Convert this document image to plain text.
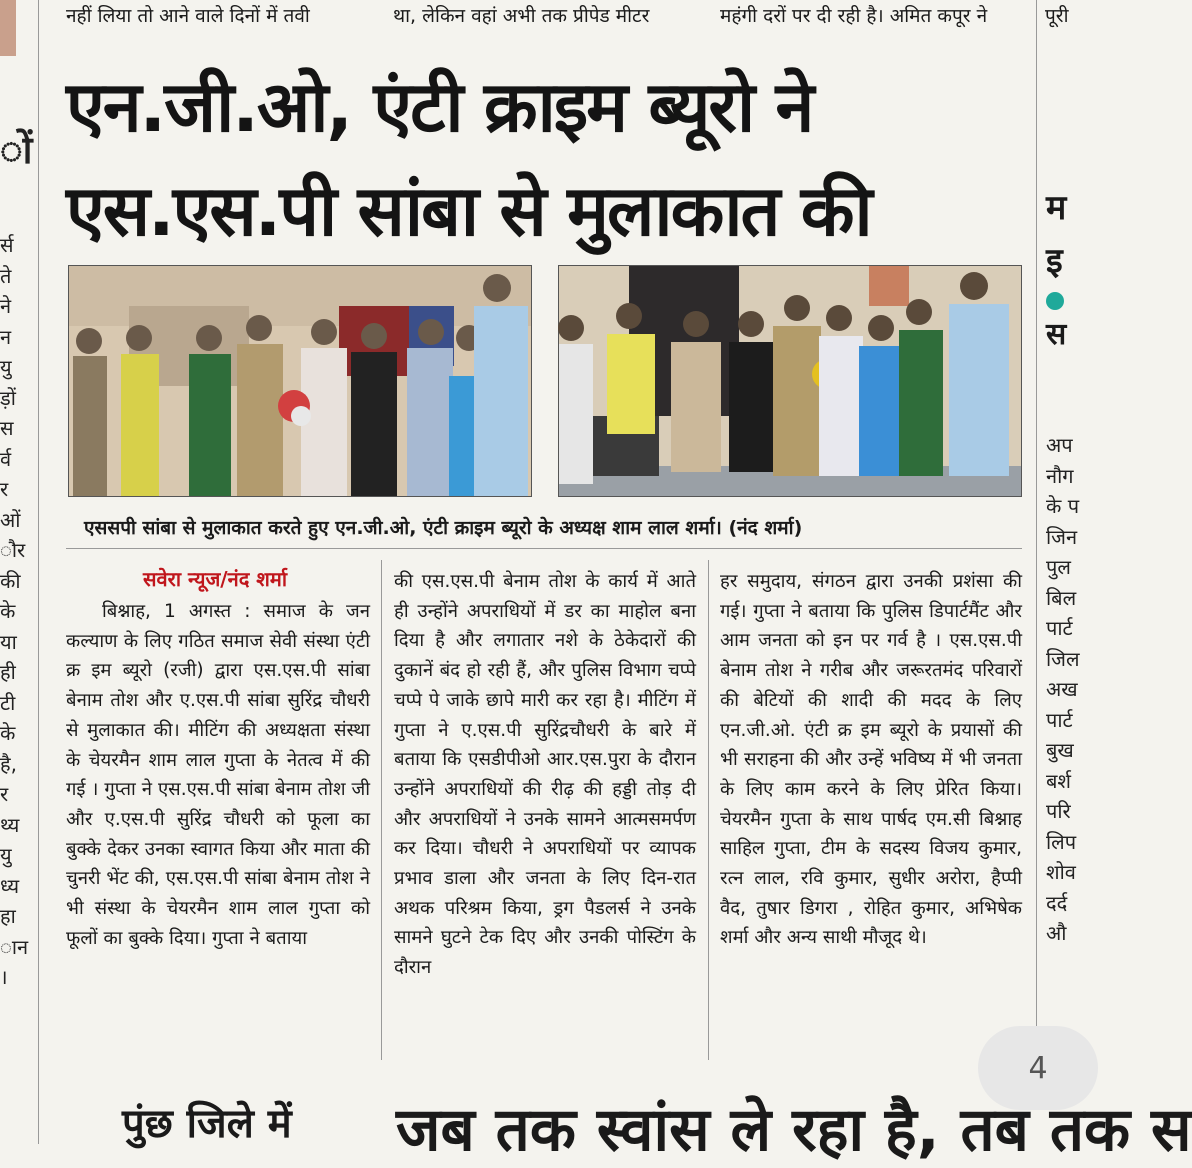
नहीं लिया तो आने वाले दिनों में तवी	था, लेकिन वहां अभी तक प्रीपेड मीटर	महंगी दरों पर दी रही है। अमित कपूर ने	पूरी
ों
र्स
ते
ने
न
यु
ड़ों
स
र्व
र
ओं
ौर
की
के
या
ही
टी
के
है,
र
थ्य
यु
ध्य
हा
ान
।
एन.जी.ओ, एंटी क्राइम ब्यूरो ने
एस.एस.पी सांबा से मुलाकात की
एससपी सांबा से मुलाकात करते हुए एन.जी.ओ, एंटी क्राइम ब्यूरो के अध्यक्ष शाम लाल शर्मा। (नंद शर्मा)
सवेरा न्यूज/नंद शर्मा

बिश्नाह, 1 अगस्त : समाज के जन कल्याण के लिए गठित समाज सेवी संस्था एंटी क्र इम ब्यूरो (रजी) द्वारा एस.एस.पी सांबा बेनाम तोश और ए.एस.पी सांबा सुरिंद्र चौधरी से मुलाकात की। मीटिंग की अध्यक्षता संस्था के चेयरमैन शाम लाल गुप्ता के नेतत्व में की गई । गुप्ता ने एस.एस.पी सांबा बेनाम तोश जी और ए.एस.पी सुरिंद्र चौधरी को फूला का बुक्के देकर उनका स्वागत किया और माता की चुनरी भेंट की, एस.एस.पी सांबा बेनाम तोश ने भी संस्था के चेयरमैन शाम लाल गुप्ता को फूलों का बुक्के दिया। गुप्ता ने बताया

की एस.एस.पी बेनाम तोश के कार्य में आते ही उन्होंने अपराधियों में डर का माहोल बना दिया है और लगातार नशे के ठेकेदारों की दुकानें बंद हो रही हैं, और पुलिस विभाग चप्पे चप्पे पे जाके छापे मारी कर रहा है। मीटिंग में गुप्ता ने ए.एस.पी सुरिंद्रचौधरी के बारे में बताया कि एसडीपीओ आर.एस.पुरा के दौरान उन्होंने अपराधियों की रीढ़ की हड्डी तोड़ दी और अपराधियों ने उनके सामने आत्मसमर्पण कर दिया। चौधरी ने अपराधियों पर व्यापक प्रभाव डाला और जनता के लिए दिन-रात अथक परिश्रम किया, ड्रग पैडलर्स ने उनके सामने घुटने टेक दिए और उनकी पोस्टिंग के दौरान

हर समुदाय, संगठन द्वारा उनकी प्रशंसा की गई। गुप्ता ने बताया कि पुलिस डिपार्टमैंट और आम जनता को इन पर गर्व है । एस.एस.पी बेनाम तोश ने गरीब और जरूरतमंद परिवारों की बेटियों की शादी की मदद के लिए एन.जी.ओ. एंटी क्र इम ब्यूरो के प्रयासों की भी सराहना की और उन्हें भविष्य में भी जनता के लिए काम करने के लिए प्रेरित किया। चेयरमैन गुप्ता के साथ पार्षद एम.सी बिश्नाह साहिल गुप्ता, टीम के सदस्य विजय कुमार, रत्न लाल, रवि कुमार, सुधीर अरोरा, हैप्पी वैद, तुषार डिगरा , रोहित कुमार, अभिषेक शर्मा और अन्य साथी मौजूद थे।

म
इ
स
अप
नौग
के प
जिन
पुल
बिल
पार्ट
जिल
अख
पार्ट
बुख
बर्श
परि
लिप
शोव
दर्द
औ
4
पुंछ जिले में जब तक स्वांस ले रहा है, तब तक स
